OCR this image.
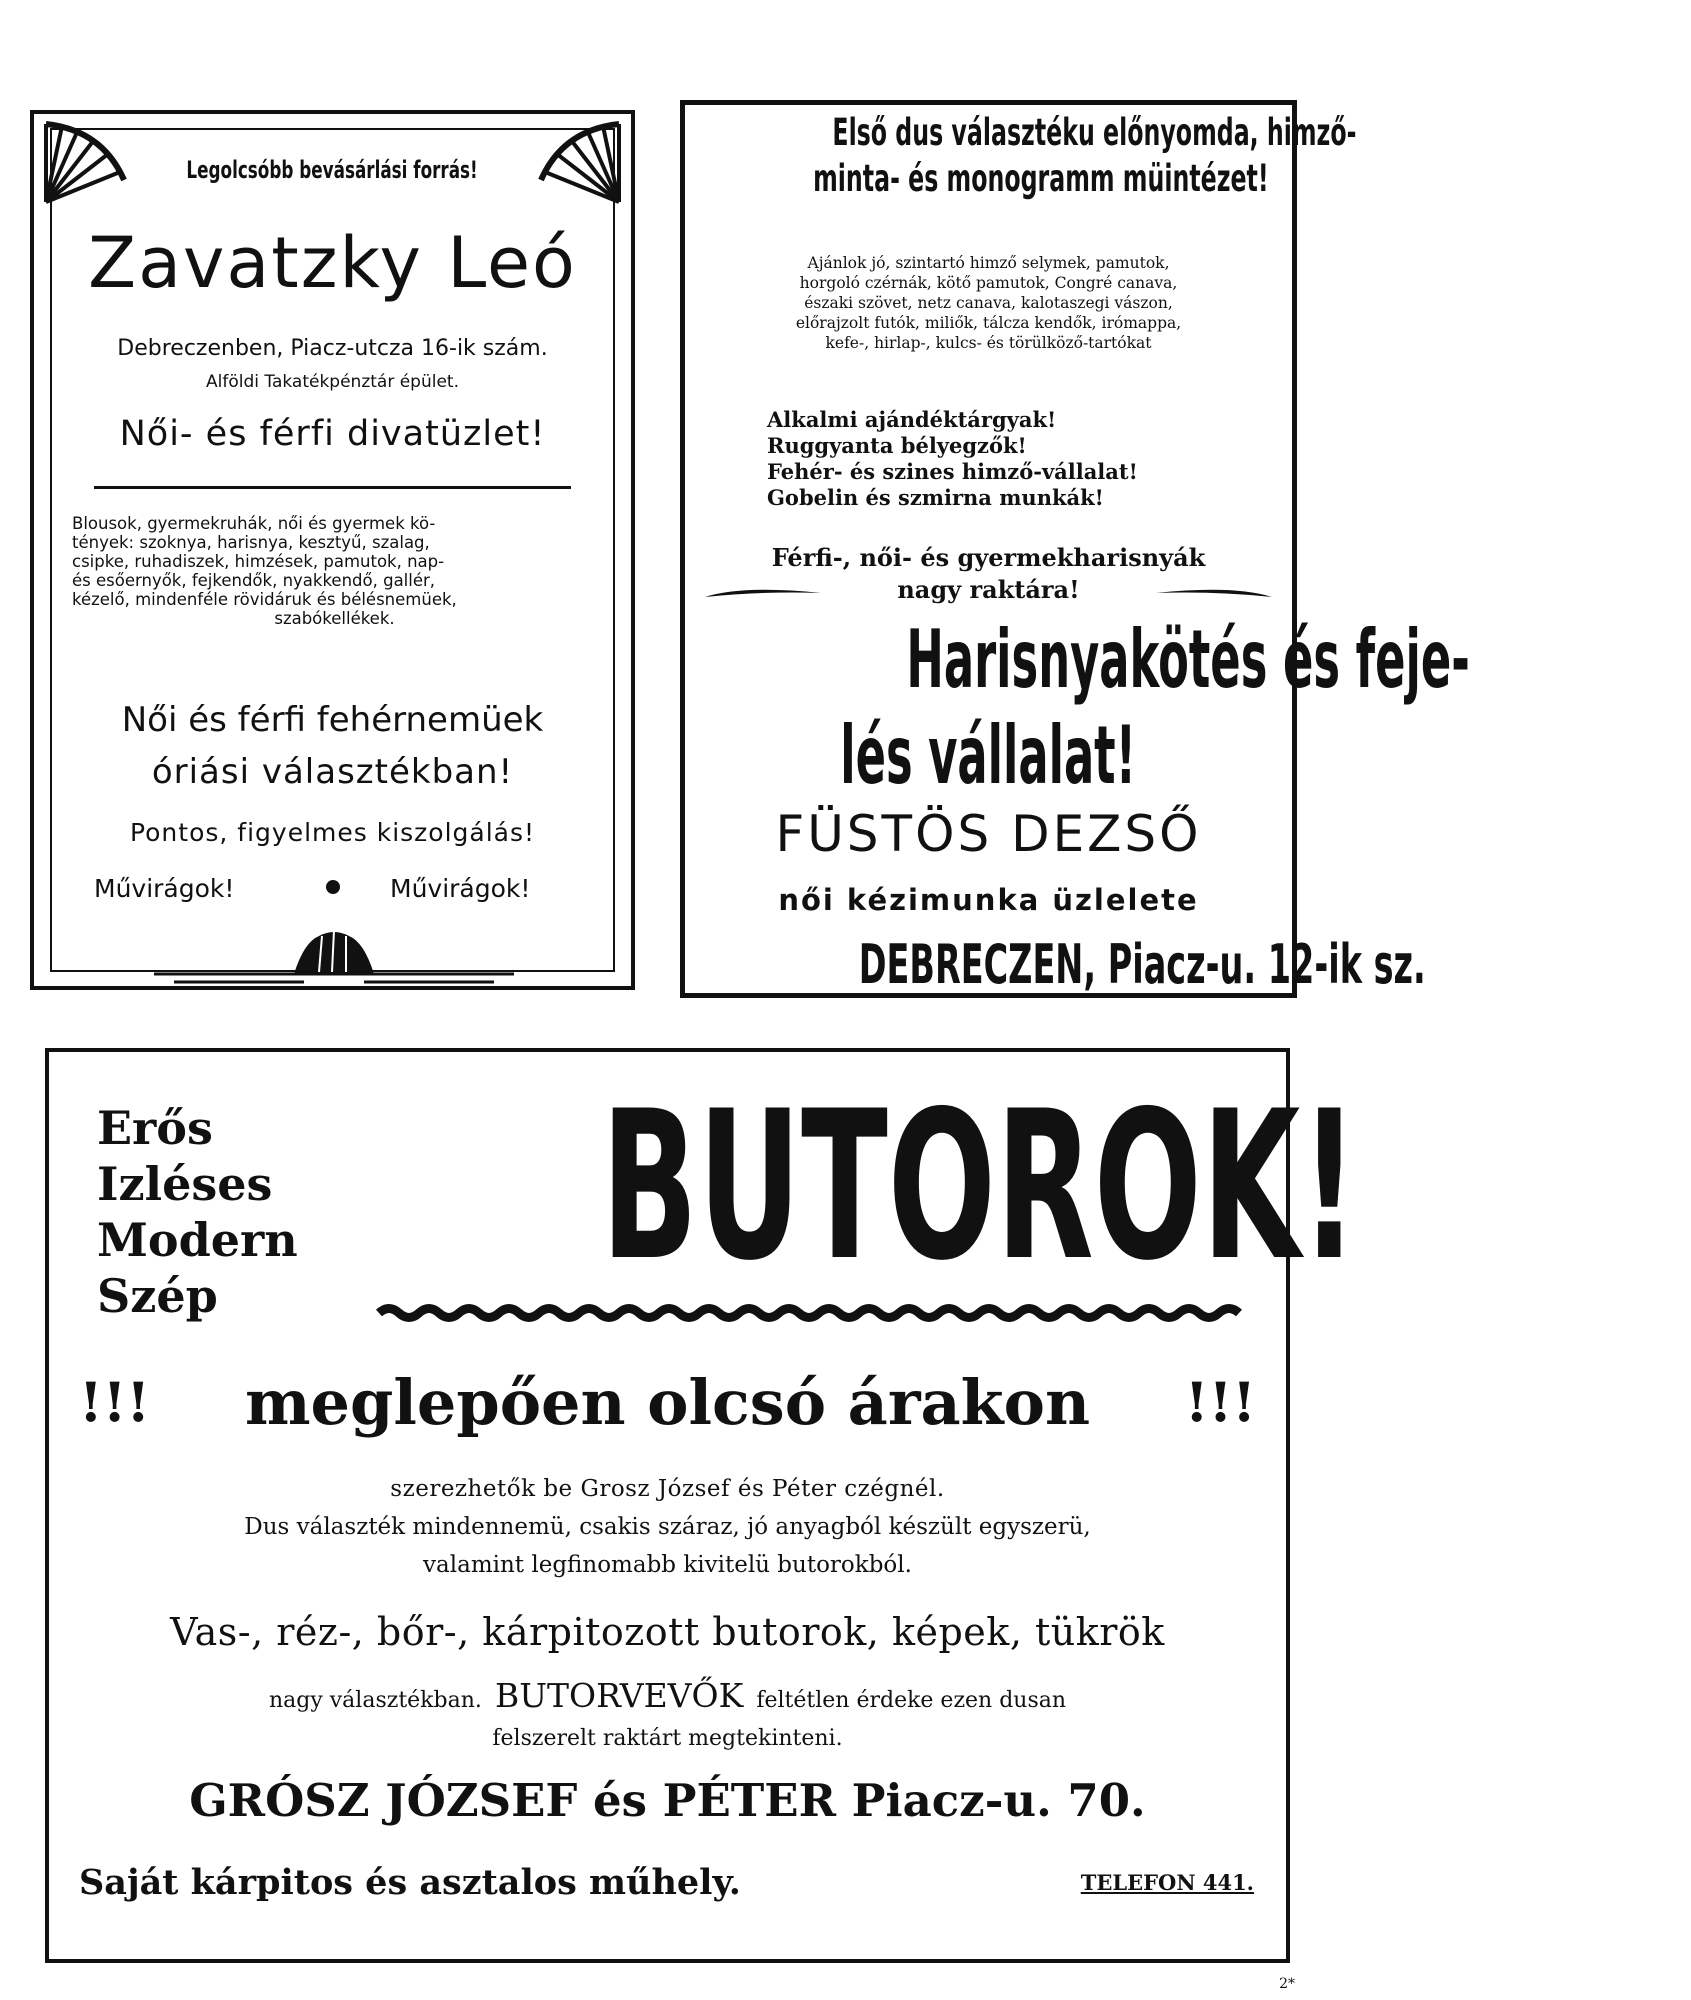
Legolcsóbb bevásárlási forrás!
Zavatzky Leó
Debreczenben, Piacz-utcza 16-ik szám.
Alföldi Takatékpénztár épület.
Női- és férfi divatüzlet!
Blousok, gyermekruhák, női és gyermek kö-
tények: szoknya, harisnya, kesztyű, szalag,
csipke, ruhadiszek, himzések, pamutok, nap-
és esőernyők, fejkendők, nyakkendő, gallér,
kézelő, mindenféle rövidáruk és bélésnemüek,
szabókellékek.
Női és férfi fehérnemüek
óriási választékban!
Pontos, figyelmes kiszolgálás!
Művirágok!	Művirágok!
Első dus választéku előnyomda, himző-
minta- és monogramm müintézet!
Ajánlok jó, szintartó himző selymek, pamutok,
horgoló czérnák, kötő pamutok, Congré canava,
északi szövet, netz canava, kalotaszegi vászon,
előrajzolt futók, miliők, tálcza kendők, irómappa,
kefe-, hirlap-, kulcs- és törülköző-tartókat
Alkalmi ajándéktárgyak!
Ruggyanta bélyegzők!
Fehér- és szines himző-vállalat!
Gobelin és szmirna munkák!
Férfi-, női- és gyermekharisnyák
nagy raktára!
Harisnyakötés és feje-
lés vállalat!
FÜSTÖS DEZSŐ
női kézimunka üzlelete
DEBRECZEN, Piacz-u. 12-ik sz.
Erős
Izléses
Modern
Szép	BUTOROK!
!!!	meglepően olcsó árakon	!!!
szerezhetők be Grosz József és Péter czégnél.
Dus választék mindennemü, csakis száraz, jó anyagból készült egyszerü,
valamint legfinomabb kivitelü butorokból.
Vas-, réz-, bőr-, kárpitozott butorok, képek, tükrök
nagy választékban. BUTORVEVŐK feltétlen érdeke ezen dusan
felszerelt raktárt megtekinteni.
GRÓSZ JÓZSEF és PÉTER Piacz-u. 70.
Saját kárpitos és asztalos műhely.	TELEFON 441.
2*
